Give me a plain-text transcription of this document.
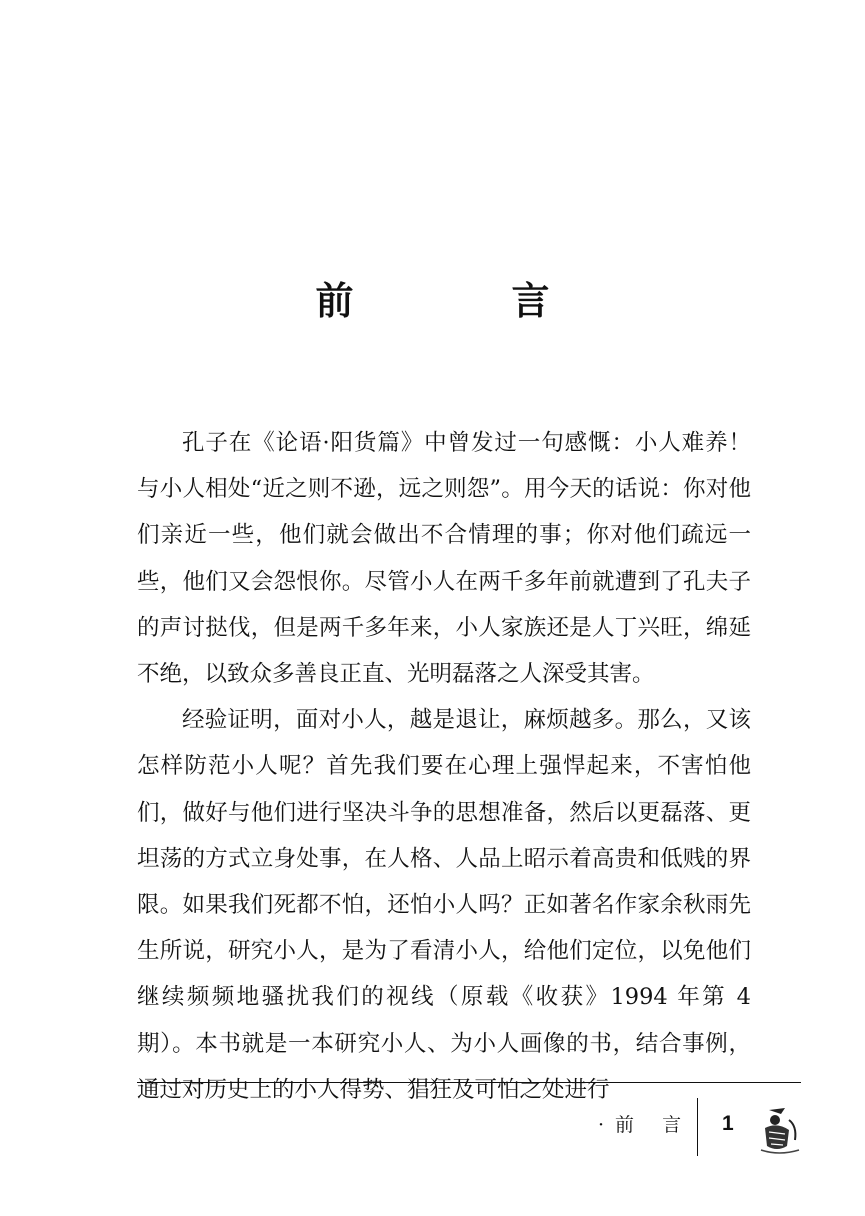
前　言

孔子在《论语·阳货篇》中曾发过一句感慨：小人难养！与小人相处“近之则不逊，远之则怨”。用今天的话说：你对他们亲近一些，他们就会做出不合情理的事；你对他们疏远一些，他们又会怨恨你。尽管小人在两千多年前就遭到了孔夫子的声讨挞伐，但是两千多年来，小人家族还是人丁兴旺，绵延不绝，以致众多善良正直、光明磊落之人深受其害。

经验证明，面对小人，越是退让，麻烦越多。那么，又该怎样防范小人呢？首先我们要在心理上强悍起来，不害怕他们，做好与他们进行坚决斗争的思想准备，然后以更磊落、更坦荡的方式立身处事，在人格、人品上昭示着高贵和低贱的界限。如果我们死都不怕，还怕小人吗？正如著名作家余秋雨先生所说，研究小人，是为了看清小人，给他们定位，以免他们继续频频地骚扰我们的视线（原载《收获》1994 年第 4 期）。本书就是一本研究小人、为小人画像的书，结合事例，通过对历史上的小人得势、猖狂及可怕之处进行

·前 言 1
